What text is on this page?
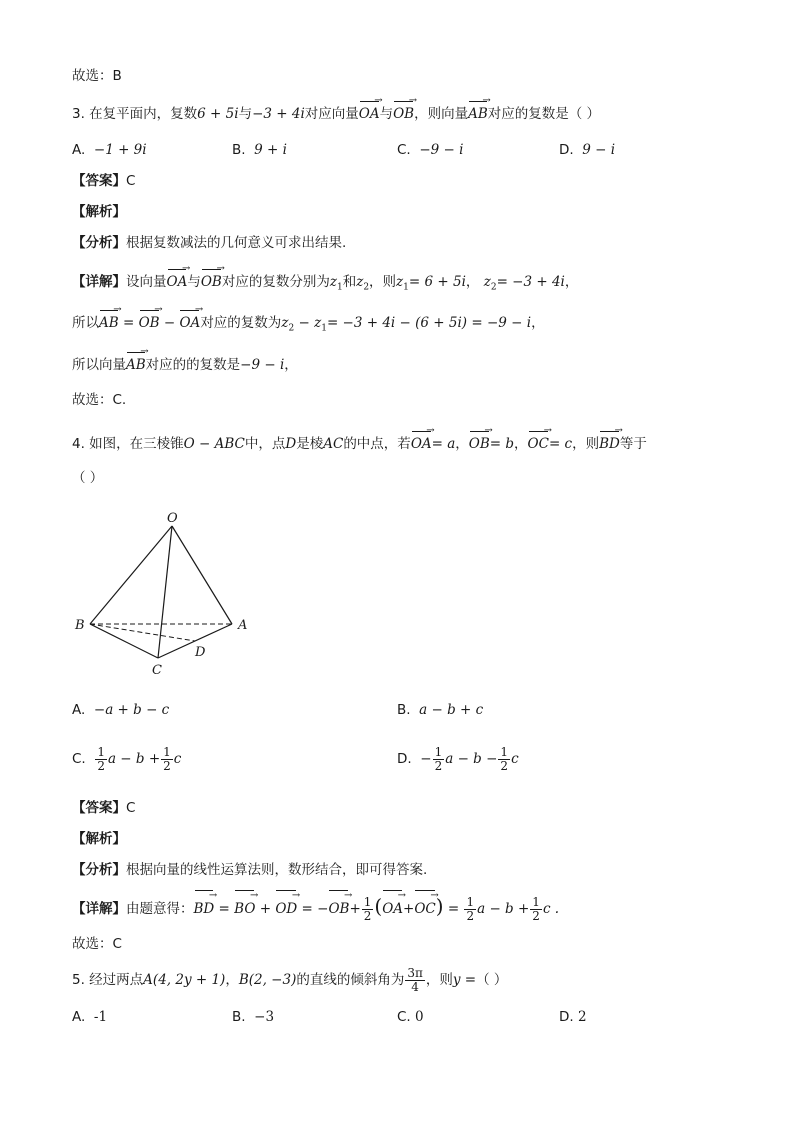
故选：B
3. 在复平面内，复数6 + 5i与−3 + 4i对应向量OA →与OB →，则向量AB →对应的复数是（ ）
A. −1 + 9i	B. 9 + i	C. −9 − i	D. 9 − i
【答案】C
【解析】
【分析】根据复数减法的几何意义可求出结果.
【详解】设向量OA →与OB →对应的复数分别为$z_1$和$z_2$，则$z_1= 6 + 5i$， $z_2= -3 + 4i$，
所以AB → = OB → − OA →对应的复数为$z_2 - z_1= -3 + 4i - (6 + 5i) = -9 - i$，
所以向量AB →对应的的复数是−9 − i，
故选：C.
4. 如图，在三棱锥O − ABC中，点D是棱AC的中点，若OA →= a，OB →= b，OC →= c，则BD →等于
（ ）
O
A
B
C
D
A. −a + b − c	B. a − b + c
C. $\frac{1}{2}$ $a - b + \frac{1}{2}$ c	D. − $\frac{1}{2}$ $a - b - \frac{1}{2}$ c
【答案】C
【解析】
【分析】根据向量的线性运算法则，数形结合，即可得答案.
【详解】由题意得：BD → = BO → + OD → = $-OB \to+ \frac{1}{2} (OA \to+OC$ →) = $\frac{1}{2}$ $a - b + \frac{1}{2}$ c .
故选：C
5. 经过两点A(4, 2y + 1)，B(2, −3)的直线的倾斜角为 $\frac{3\pi}{4}$ ，则y =（ ）
A. -1	B. −3	C. 0	D. 2
